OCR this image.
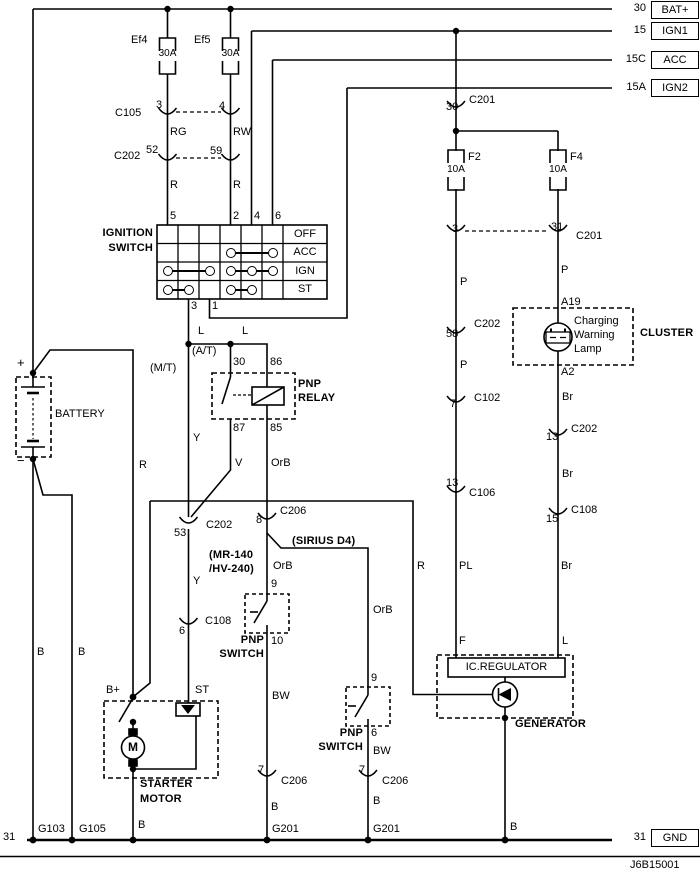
Ef4
30A
Ef5
30A
F2
10A
F4
10A
C105
3	4
C202 52	59
C201
30
C201
3	31
C202
58
C102
7
C106
13
C202
13
C108
15
C202
53
C108
6
C206
8
C206
7
C206
7
RG	RW
R	R
L	L
(A/T)
(M/T)
Y
V	OrB
R
Y
OrB
OrB
BW
BW
B	B
B
B	B
B
P
P
P
Br
Br
Br
PL
R
30 86
87 85
9
10
9
6
B+	ST
A19
A2
F	L
+
−
BATTERY
PNP
RELAY
PNP
SWITCH
PNP
SWITCH
STARTER
MOTOR
GENERATOR
CLUSTER
Charging
Warning
Lamp
IC.REGULATOR
M
(MR-140
/HV-240)
(SIRIUS D4)
IGNITION
SWITCH
G103 G105	G201	G201
5	2 4 6
3 1
OFF
ACC
IGN
ST
30	BAT+
15	IGN1
15C	ACC
15A	IGN2
31	GND
31
J6B15001
